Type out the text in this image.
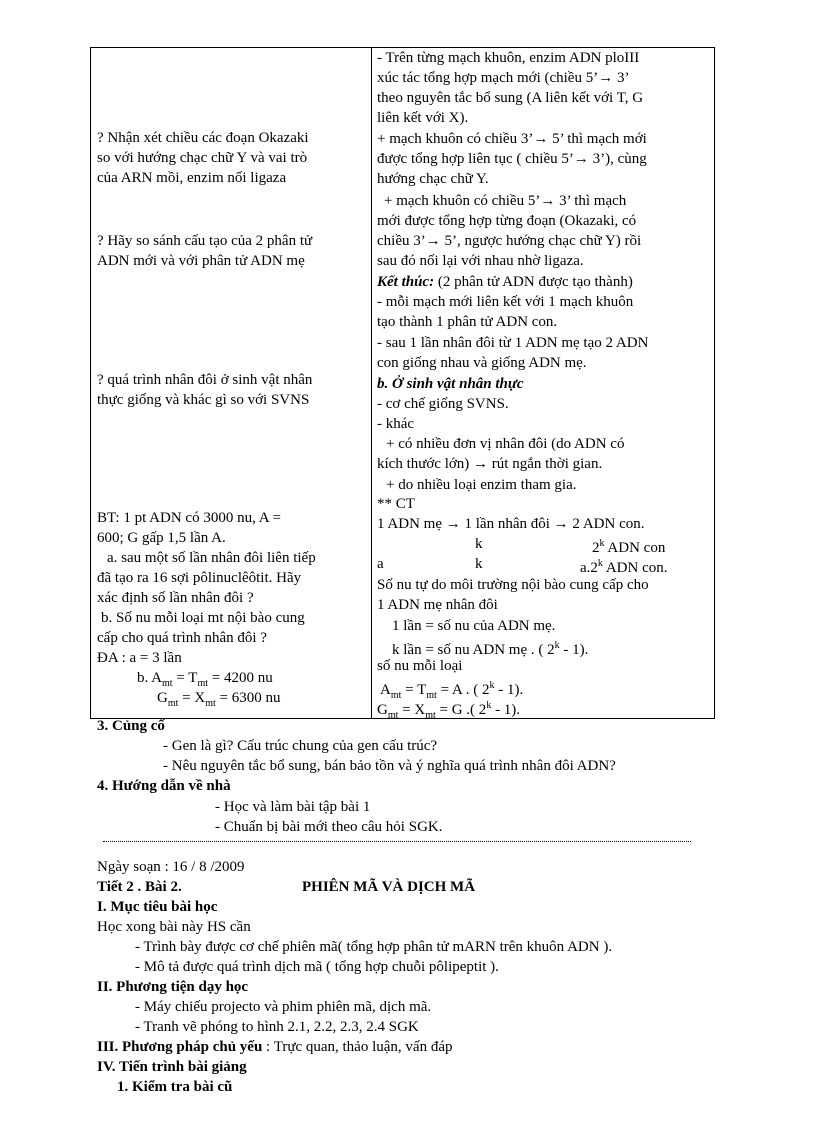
? Nhận xét chiều các đoạn Okazaki
so với hướng chạc chữ Y và vai trò
của ARN mồi, enzim nối ligaza
? Hãy so sánh cấu tạo của 2 phân tử
ADN mới và với phân tử ADN mẹ
? quá trình nhân đôi ở sinh vật nhân
thực giống và khác gì so với SVNS
BT: 1 pt ADN có 3000 nu, A =
600; G gấp 1,5 lần A.
a. sau một số lần nhân đôi liên tiếp
đã tạo ra 16 sợi pôlinuclêôtit. Hãy
xác định số lần nhân đôi ?
b. Số nu mỗi loại mt nội bào cung
cấp cho quá trình nhân đôi ?
ĐA : a = 3 lần
b. $A_{mt} = T_{mt} = 4200$ nu
$G_{mt} = X_{mt} = 6300$ nu

- Trên từng mạch khuôn, enzim ADN ploIII
xúc tác tổng hợp mạch mới (chiều 5’→ 3’
theo nguyên tắc bổ sung (A liên kết với T, G
liên kết với X).
+ mạch khuôn có chiều 3’→ 5’ thì mạch mới
được tổng hợp liên tục ( chiều 5’→ 3’), cùng
hướng chạc chữ Y.
+ mạch khuôn có chiều 5’→ 3’ thì mạch
mới được tổng hợp từng đoạn (Okazaki, có
chiều 3’→ 5’, ngược hướng chạc chữ Y) rồi
sau đó nối lại với nhau nhờ ligaza.
Kết thúc: (2 phân tử ADN được tạo thành)
- mỗi mạch mới liên kết với 1 mạch khuôn
tạo thành 1 phân tử ADN con.
- sau 1 lần nhân đôi từ 1 ADN mẹ tạo 2 ADN
con giống nhau và giống ADN mẹ.
b. Ở sinh vật nhân thực
- cơ chế giống SVNS.
- khác
+ có nhiều đơn vị nhân đôi (do ADN có
kích thước lớn) → rút ngắn thời gian.
+ do nhiều loại enzim tham gia.
** CT
1 ADN mẹ → 1 lần nhân đôi → 2 ADN con.
k	2$^k$ ADN con
a	k	a.2$^k$ ADN con.
Số nu tự do môi trường nội bào cung cấp cho
1 ADN mẹ nhân đôi
1 lần = số nu của ADN mẹ.
k lần = số nu ADN mẹ . ( 2$^k$ - 1).
số nu mỗi loại
$A_{mt} = T_{mt} = A$ . ( 2$^k$ - 1).
$G_{mt} = X_{mt} = G$ .( 2$^k$ - 1).
3. Củng cố
- Gen là gì? Cấu trúc chung của gen cấu trúc?
- Nêu nguyên tắc bổ sung, bán bảo tồn và ý nghĩa quá trình nhân đôi ADN?
4. Hướng dẫn về nhà
- Học và làm bài tập bài 1
- Chuẩn bị bài mới theo câu hỏi SGK.
Ngày soạn : 16 / 8 /2009
Tiết 2 . Bài 2.	PHIÊN MÃ VÀ DỊCH MÃ
I. Mục tiêu bài học
Học xong bài này HS cần
- Trình bày được cơ chế phiên mã( tổng hợp phân tử mARN trên khuôn ADN ).
- Mô tả được quá trình dịch mã ( tổng hợp chuỗi pôlipeptit ).
II. Phương tiện dạy học
- Máy chiếu projecto và phim phiên mã, dịch mã.
- Tranh vẽ phóng to hình 2.1, 2.2, 2.3, 2.4 SGK
III. Phương pháp chủ yếu : Trực quan, thảo luận, vấn đáp
IV. Tiến trình bài giảng
1. Kiểm tra bài cũ
